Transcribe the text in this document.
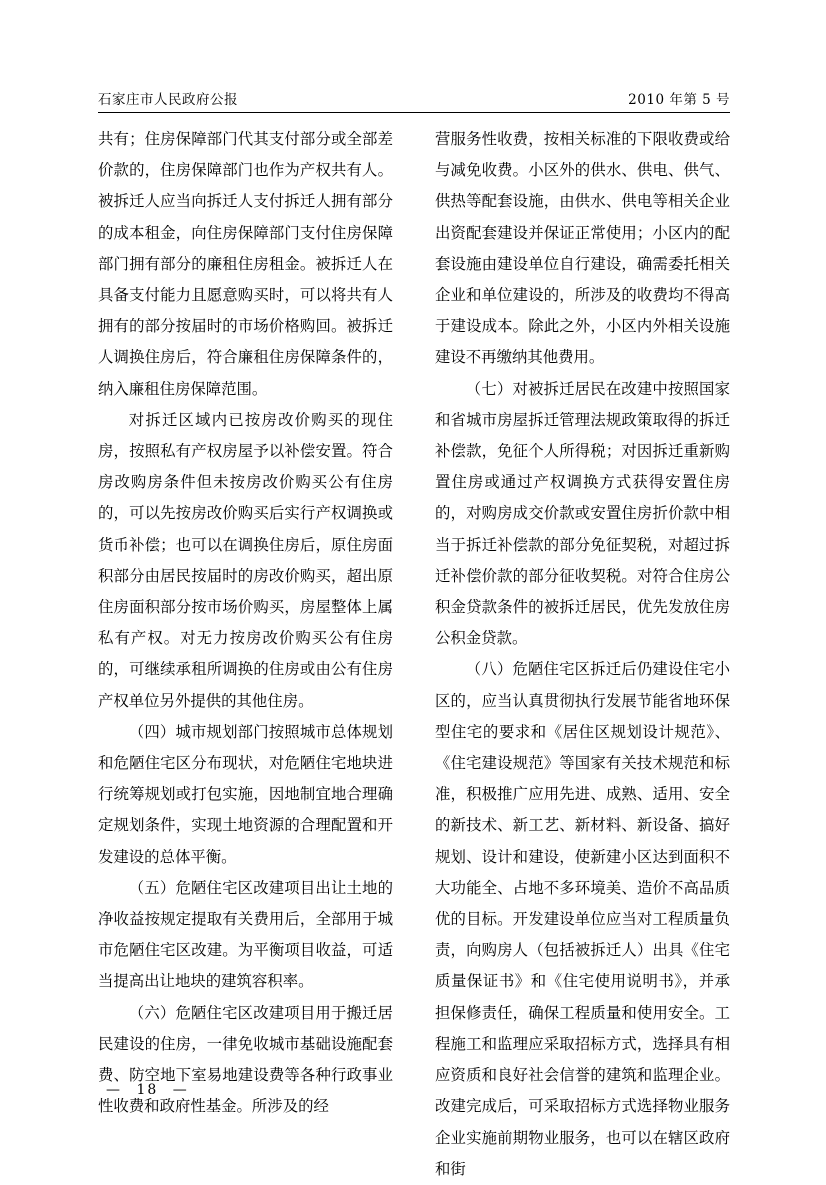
石家庄市人民政府公报	2010 年第 5 号

共有；住房保障部门代其支付部分或全部差价款的，住房保障部门也作为产权共有人。被拆迁人应当向拆迁人支付拆迁人拥有部分的成本租金，向住房保障部门支付住房保障部门拥有部分的廉租住房租金。被拆迁人在具备支付能力且愿意购买时，可以将共有人拥有的部分按届时的市场价格购回。被拆迁人调换住房后，符合廉租住房保障条件的，纳入廉租住房保障范围。

对拆迁区域内已按房改价购买的现住房，按照私有产权房屋予以补偿安置。符合房改购房条件但未按房改价购买公有住房的，可以先按房改价购买后实行产权调换或货币补偿；也可以在调换住房后，原住房面积部分由居民按届时的房改价购买，超出原住房面积部分按市场价购买，房屋整体上属私有产权。对无力按房改价购买公有住房的，可继续承租所调换的住房或由公有住房产权单位另外提供的其他住房。

（四）城市规划部门按照城市总体规划和危陋住宅区分布现状，对危陋住宅地块进行统筹规划或打包实施，因地制宜地合理确定规划条件，实现土地资源的合理配置和开发建设的总体平衡。

（五）危陋住宅区改建项目出让土地的净收益按规定提取有关费用后，全部用于城市危陋住宅区改建。为平衡项目收益，可适当提高出让地块的建筑容积率。

（六）危陋住宅区改建项目用于搬迁居民建设的住房，一律免收城市基础设施配套费、防空地下室易地建设费等各种行政事业性收费和政府性基金。所涉及的经

营服务性收费，按相关标准的下限收费或给与减免收费。小区外的供水、供电、供气、供热等配套设施，由供水、供电等相关企业出资配套建设并保证正常使用；小区内的配套设施由建设单位自行建设，确需委托相关企业和单位建设的，所涉及的收费均不得高于建设成本。除此之外，小区内外相关设施建设不再缴纳其他费用。

（七）对被拆迁居民在改建中按照国家和省城市房屋拆迁管理法规政策取得的拆迁补偿款，免征个人所得税；对因拆迁重新购置住房或通过产权调换方式获得安置住房的，对购房成交价款或安置住房折价款中相当于拆迁补偿款的部分免征契税，对超过拆迁补偿价款的部分征收契税。对符合住房公积金贷款条件的被拆迁居民，优先发放住房公积金贷款。

（八）危陋住宅区拆迁后仍建设住宅小区的，应当认真贯彻执行发展节能省地环保型住宅的要求和《居住区规划设计规范》、《住宅建设规范》等国家有关技术规范和标准，积极推广应用先进、成熟、适用、安全的新技术、新工艺、新材料、新设备、搞好规划、设计和建设，使新建小区达到面积不大功能全、占地不多环境美、造价不高品质优的目标。开发建设单位应当对工程质量负责，向购房人（包括被拆迁人）出具《住宅质量保证书》和《住宅使用说明书》，并承担保修责任，确保工程质量和使用安全。工程施工和监理应采取招标方式，选择具有相应资质和良好社会信誉的建筑和监理企业。改建完成后，可采取招标方式选择物业服务企业实施前期物业服务，也可以在辖区政府和街

— 18 —
